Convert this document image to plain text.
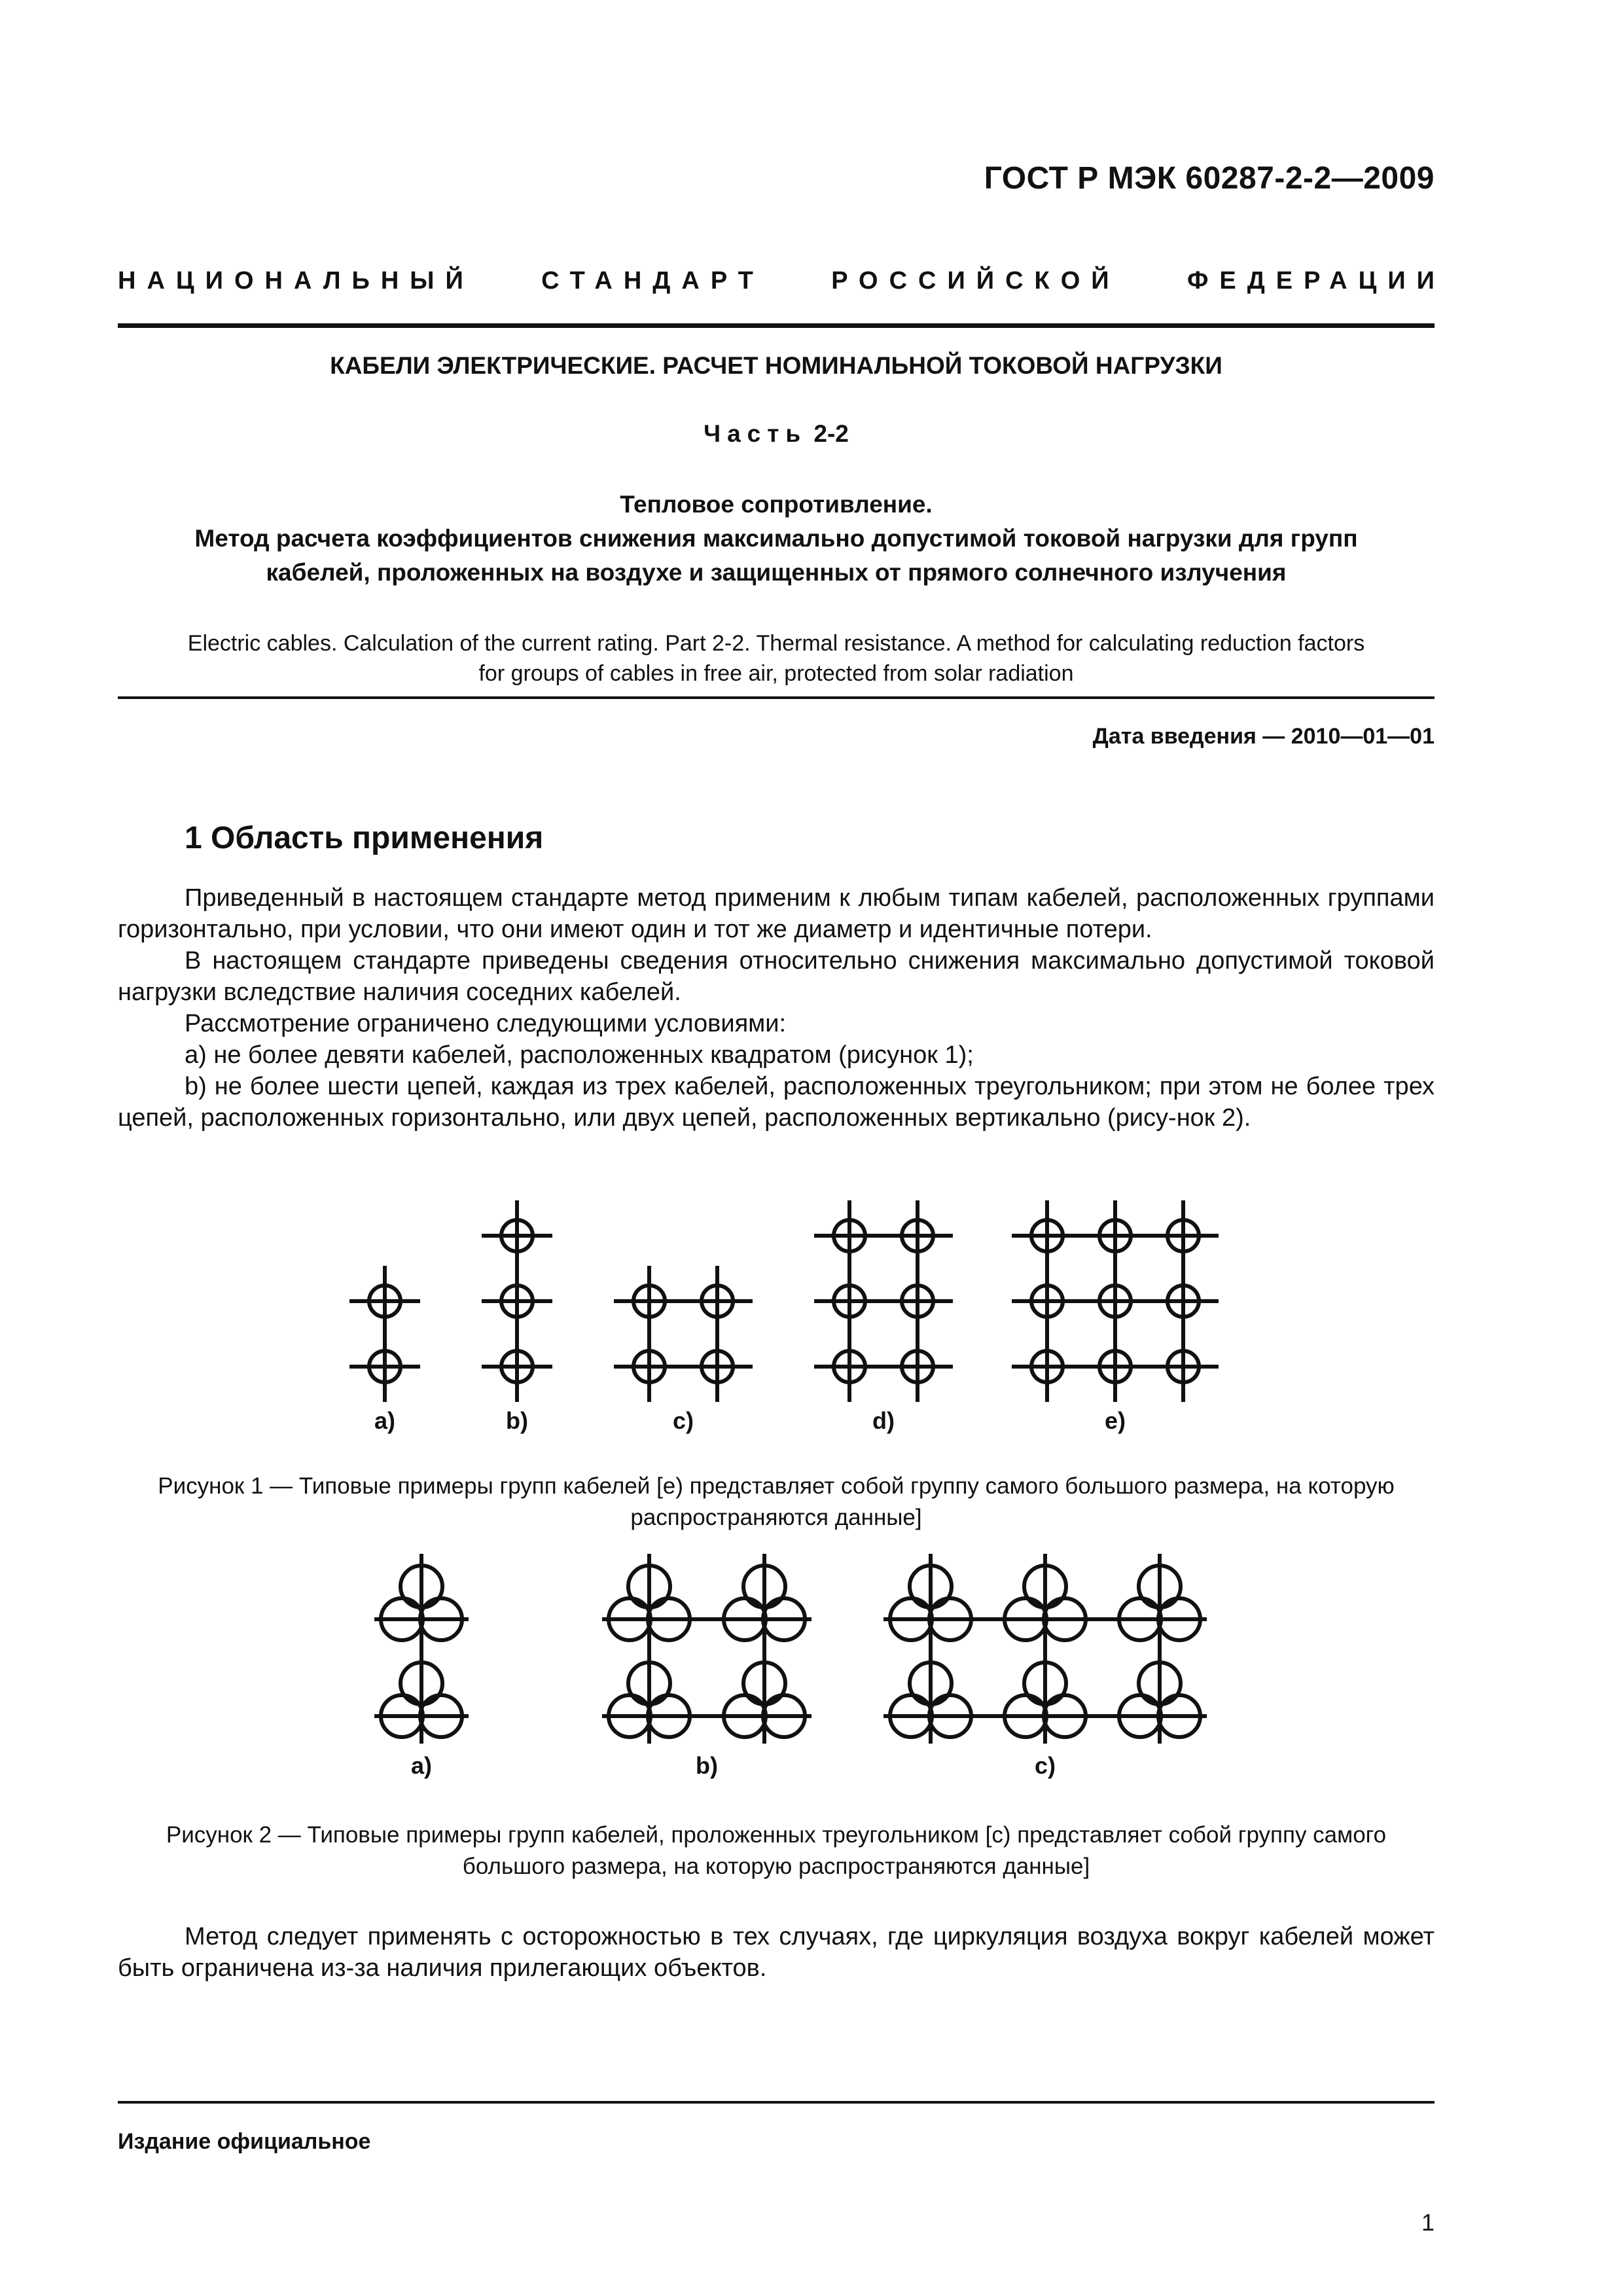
ГОСТ Р МЭК 60287-2-2—2009
НАЦИОНАЛЬНЫЙ	СТАНДАРТ	РОССИЙСКОЙ	ФЕДЕРАЦИИ
КАБЕЛИ ЭЛЕКТРИЧЕСКИЕ. РАСЧЕТ НОМИНАЛЬНОЙ ТОКОВОЙ НАГРУЗКИ
Часть 2-2
Тепловое сопротивление.
Метод расчета коэффициентов снижения максимально допустимой токовой нагрузки для групп
кабелей, проложенных на воздухе и защищенных от прямого солнечного излучения
Electric cables. Calculation of the current rating. Part 2-2. Thermal resistance. A method for calculating reduction factors
for groups of cables in free air, protected from solar radiation
Дата введения — 2010—01—01
1 Область применения

Приведенный в настоящем стандарте метод применим к любым типам кабелей, расположенных группами горизонтально, при условии, что они имеют один и тот же диаметр и идентичные потери.

В настоящем стандарте приведены сведения относительно снижения максимально допустимой токовой нагрузки вследствие наличия соседних кабелей.

Рассмотрение ограничено следующими условиями:

а) не более девяти кабелей, расположенных квадратом (рисунок 1);

b) не более шести цепей, каждая из трех кабелей, расположенных треугольником; при этом не более трех цепей, расположенных горизонтально, или двух цепей, расположенных вертикально (рису-нок 2).

a)	b)	c)	d)	e)
Рисунок 1 — Типовые примеры групп кабелей [е) представляет собой группу самого большого размера, на которую
распространяются данные]
a)	b)	c)
Рисунок 2 — Типовые примеры групп кабелей, проложенных треугольником [с) представляет собой группу самого
большого размера, на которую распространяются данные]

Метод следует применять с осторожностью в тех случаях, где циркуляция воздуха вокруг кабелей может быть ограничена из-за наличия прилегающих объектов.

Издание официальное
1
